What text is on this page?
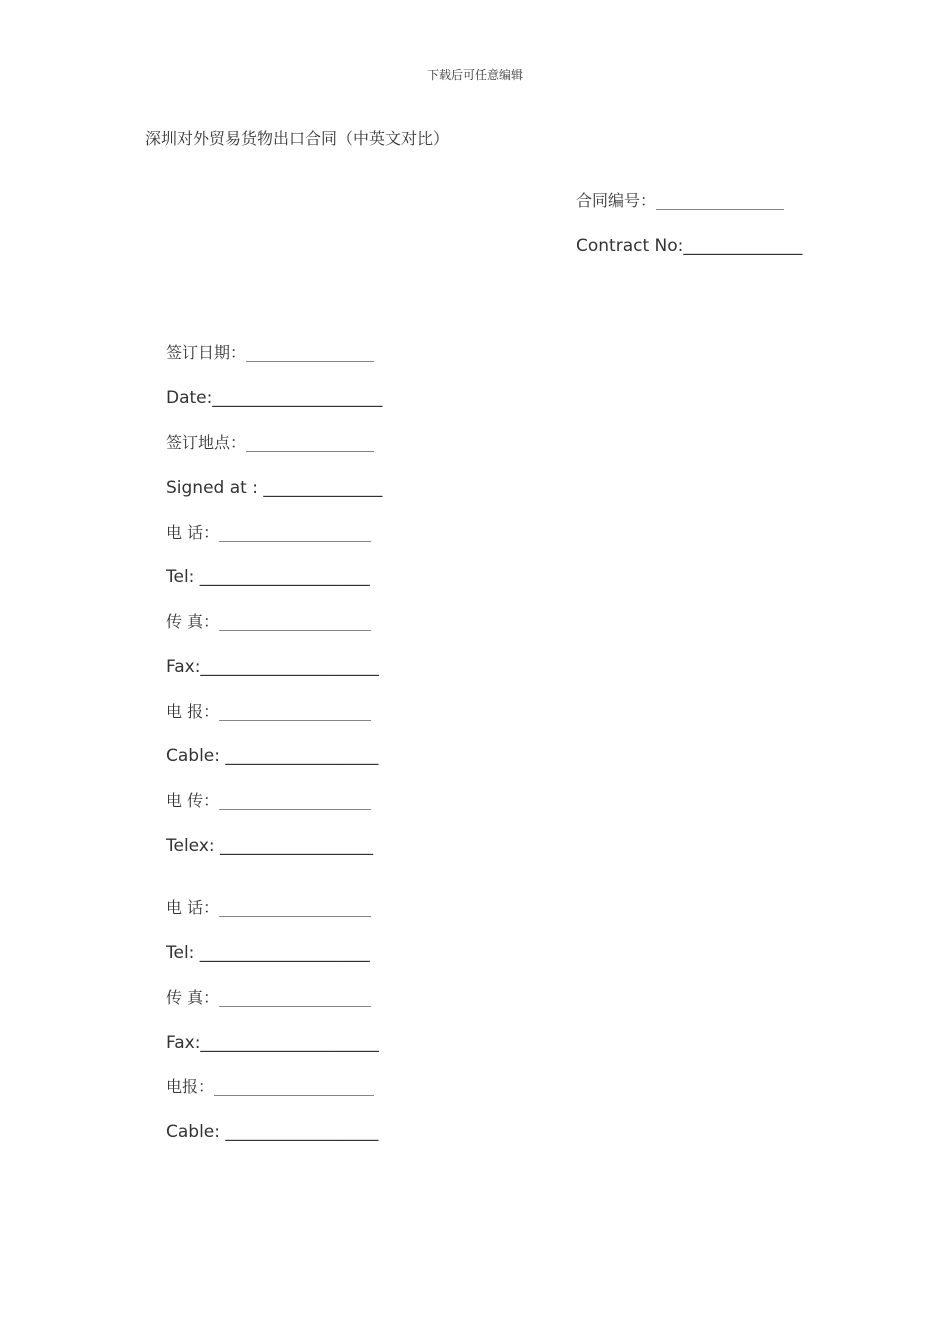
下载后可任意编辑
深圳对外贸易货物出口合同（中英文对比）
合同编号：________________
Contract No:______________
签订日期：________________
Date:____________________
签订地点：________________
Signed at : ______________
电 话：___________________
Tel: ____________________
传 真：___________________
Fax:_____________________
电 报：___________________
Cable: __________________
电 传：___________________
Telex: __________________
电 话：___________________
Tel: ____________________
传 真：___________________
Fax:_____________________
电报：____________________
Cable: __________________
